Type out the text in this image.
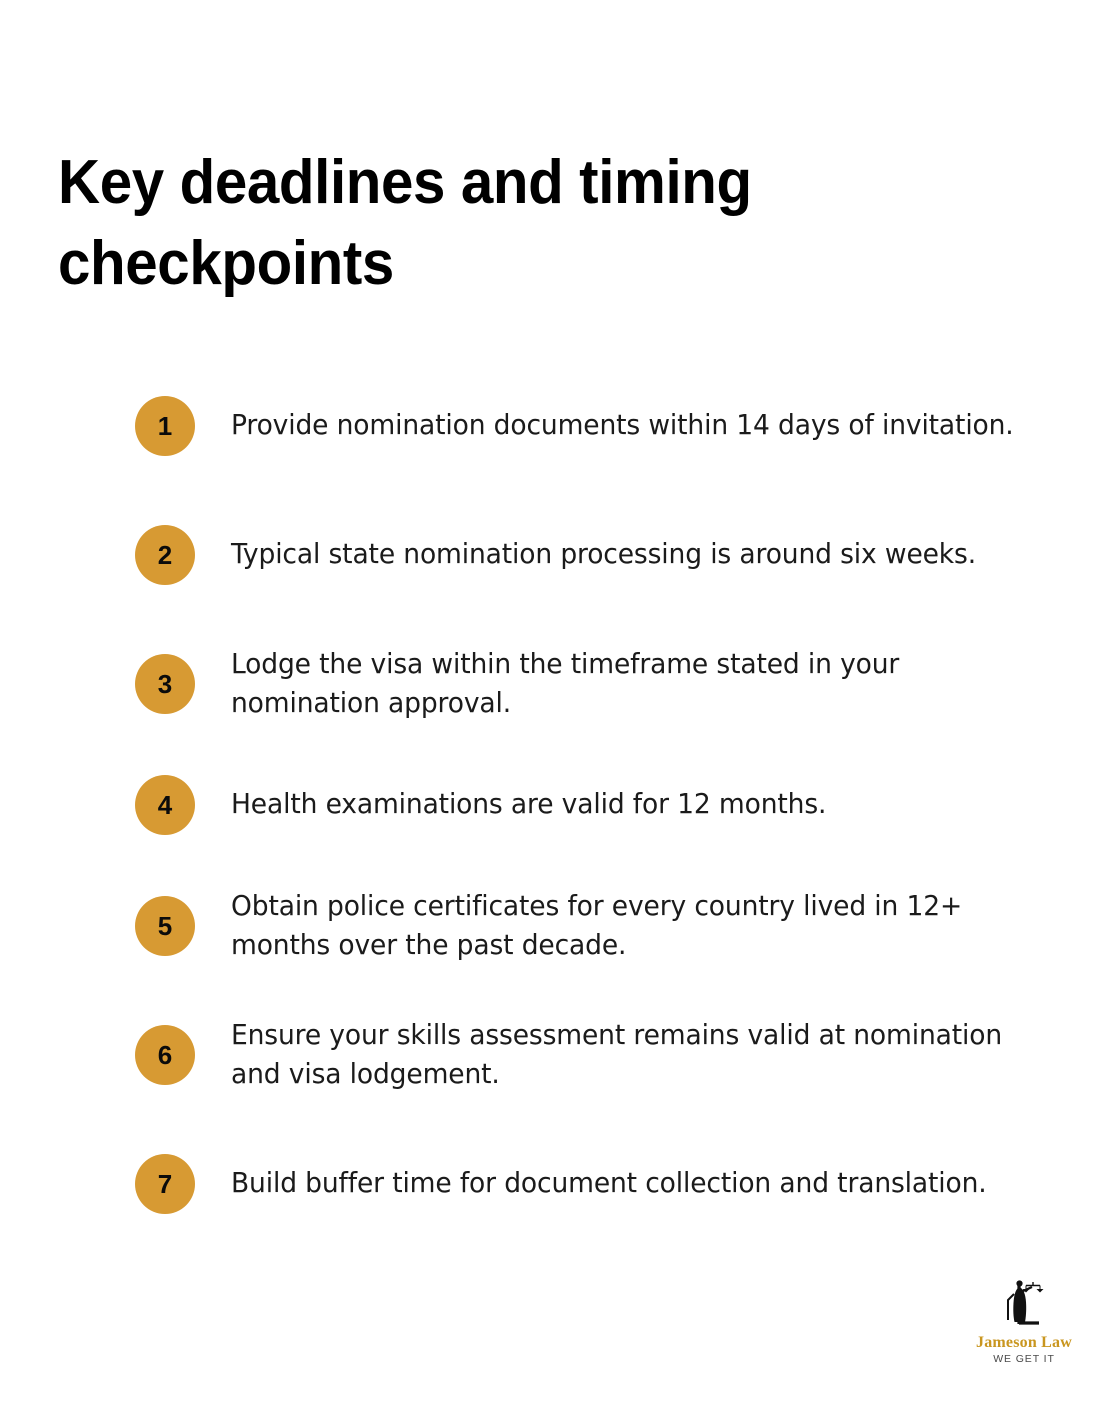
Key deadlines and timing checkpoints
1	Provide nomination documents within 14 days of invitation.
2	Typical state nomination processing is around six weeks.
3
Lodge the visa within the timeframe stated in your nomination approval.
4	Health examinations are valid for 12 months.
5
Obtain police certificates for every country lived in 12+ months over the past decade.
6
Ensure your skills assessment remains valid at nomination and visa lodgement.
7	Build buffer time for document collection and translation.
Jameson Law
WE GET IT
